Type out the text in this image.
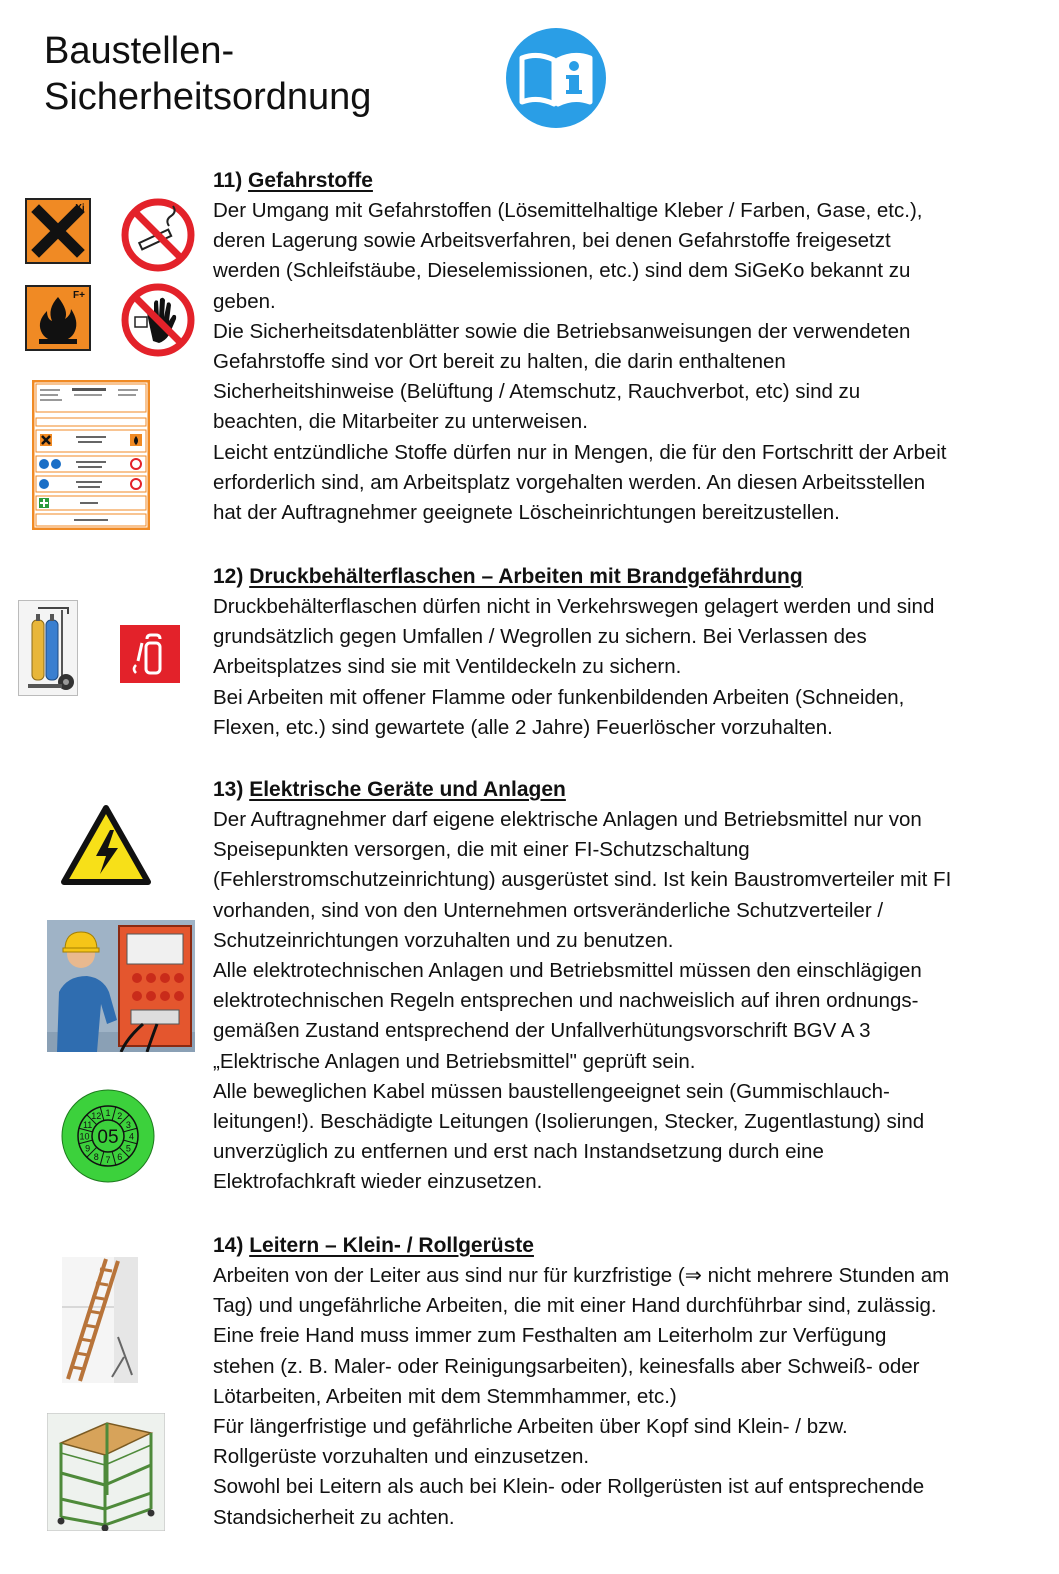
Baustellen-
Sicherheitsordnung
11) Gefahrstoffe
Der Umgang mit Gefahrstoffen (Lösemittelhaltige Kleber / Farben, Gase, etc.),
deren Lagerung sowie Arbeitsverfahren, bei denen Gefahrstoffe freigesetzt
werden (Schleifstäube, Dieselemissionen, etc.) sind dem SiGeKo bekannt zu
geben.
Die Sicherheitsdatenblätter sowie die Betriebsanweisungen der verwendeten
Gefahrstoffe sind vor Ort bereit zu halten, die darin enthaltenen
Sicherheitshinweise (Belüftung / Atemschutz, Rauchverbot, etc) sind zu
beachten, die Mitarbeiter zu unterweisen.
Leicht entzündliche Stoffe dürfen nur in Mengen, die für den Fortschritt der Arbeit
erforderlich sind, am Arbeitsplatz vorgehalten werden. An diesen Arbeitsstellen
hat der Auftragnehmer geeignete Löscheinrichtungen bereitzustellen.
Xi
F+
12) Druckbehälterflaschen – Arbeiten mit Brandgefährdung
Druckbehälterflaschen dürfen nicht in Verkehrswegen gelagert werden und sind
grundsätzlich gegen Umfallen / Wegrollen zu sichern. Bei Verlassen des
Arbeitsplatzes sind sie mit Ventildeckeln zu sichern.
Bei Arbeiten mit offener Flamme oder funkenbildenden Arbeiten (Schneiden,
Flexen, etc.) sind gewartete (alle 2 Jahre) Feuerlöscher vorzuhalten.
13) Elektrische Geräte und Anlagen
Der Auftragnehmer darf eigene elektrische Anlagen und Betriebsmittel nur von
Speisepunkten versorgen, die mit einer FI-Schutzschaltung
(Fehlerstromschutzeinrichtung) ausgerüstet sind. Ist kein Baustromverteiler mit FI
vorhanden, sind von den Unternehmen ortsveränderliche Schutzverteiler /
Schutzeinrichtungen vorzuhalten und zu benutzen.
Alle elektrotechnischen Anlagen und Betriebsmittel müssen den einschlägigen
elektrotechnischen Regeln entsprechen und nachweislich auf ihren ordnungs-
gemäßen Zustand entsprechend der Unfallverhütungsvorschrift BGV A 3
„Elektrische Anlagen und Betriebsmittel" geprüft sein.
Alle beweglichen Kabel müssen baustellengeeignet sein (Gummischlauch-
leitungen!). Beschädigte Leitungen (Isolierungen, Stecker, Zugentlastung) sind
unverzüglich zu entfernen und erst nach Instandsetzung durch eine
Elektrofachkraft wieder einzusetzen.
05
1 2
3
4
5
6
7
8
9
10
11
12
14) Leitern – Klein- / Rollgerüste
Arbeiten von der Leiter aus sind nur für kurzfristige (⇒ nicht mehrere Stunden am
Tag) und ungefährliche Arbeiten, die mit einer Hand durchführbar sind, zulässig.
Eine freie Hand muss immer zum Festhalten am Leiterholm zur Verfügung
stehen (z. B. Maler- oder Reinigungsarbeiten), keinesfalls aber Schweiß- oder
Lötarbeiten, Arbeiten mit dem Stemmhammer, etc.)
Für längerfristige und gefährliche Arbeiten über Kopf sind Klein- / bzw.
Rollgerüste vorzuhalten und einzusetzen.
Sowohl bei Leitern als auch bei Klein- oder Rollgerüsten ist auf entsprechende
Standsicherheit zu achten.
